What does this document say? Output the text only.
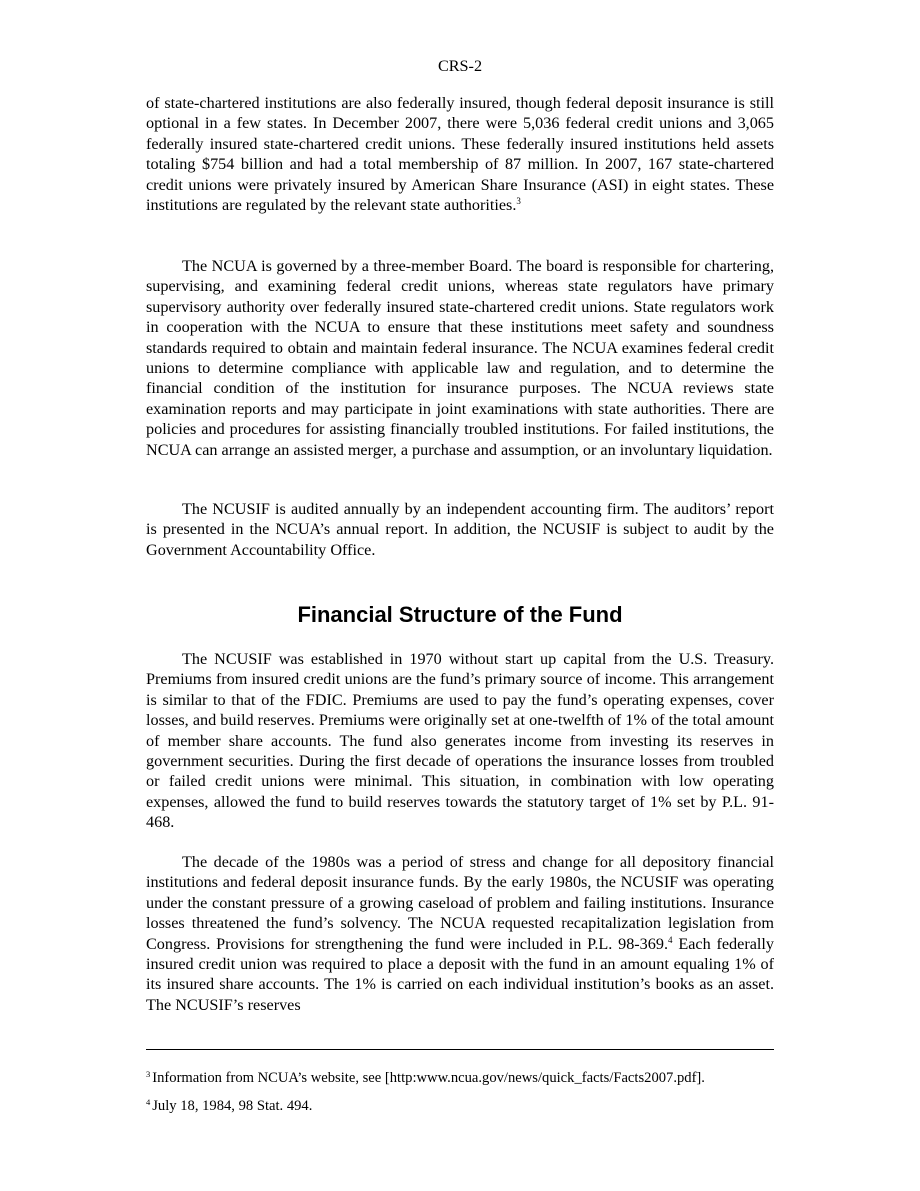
CRS-2

of state-chartered institutions are also federally insured, though federal deposit insurance is still optional in a few states. In December 2007, there were 5,036 federal credit unions and 3,065 federally insured state-chartered credit unions. These federally insured institutions held assets totaling $754 billion and had a total membership of 87 million. In 2007, 167 state-chartered credit unions were privately insured by American Share Insurance (ASI) in eight states. These institutions are regulated by the relevant state authorities.$^3$

The NCUA is governed by a three-member Board. The board is responsible for chartering, supervising, and examining federal credit unions, whereas state regulators have primary supervisory authority over federally insured state-chartered credit unions. State regulators work in cooperation with the NCUA to ensure that these institutions meet safety and soundness standards required to obtain and maintain federal insurance. The NCUA examines federal credit unions to determine compliance with applicable law and regulation, and to determine the financial condition of the institution for insurance purposes. The NCUA reviews state examination reports and may participate in joint examinations with state authorities. There are policies and procedures for assisting financially troubled institutions. For failed institutions, the NCUA can arrange an assisted merger, a purchase and assumption, or an involuntary liquidation.

The NCUSIF is audited annually by an independent accounting firm. The auditors’ report is presented in the NCUA’s annual report. In addition, the NCUSIF is subject to audit by the Government Accountability Office.

Financial Structure of the Fund

The NCUSIF was established in 1970 without start up capital from the U.S. Treasury. Premiums from insured credit unions are the fund’s primary source of income. This arrangement is similar to that of the FDIC. Premiums are used to pay the fund’s operating expenses, cover losses, and build reserves. Premiums were originally set at one-twelfth of 1% of the total amount of member share accounts. The fund also generates income from investing its reserves in government securities. During the first decade of operations the insurance losses from troubled or failed credit unions were minimal. This situation, in combination with low operating expenses, allowed the fund to build reserves towards the statutory target of 1% set by P.L. 91-468.

The decade of the 1980s was a period of stress and change for all depository financial institutions and federal deposit insurance funds. By the early 1980s, the NCUSIF was operating under the constant pressure of a growing caseload of problem and failing institutions. Insurance losses threatened the fund’s solvency. The NCUA requested recapitalization legislation from Congress. Provisions for strengthening the fund were included in P.L. 98-369.$^4$ Each federally insured credit union was required to place a deposit with the fund in an amount equaling 1% of its insured share accounts. The 1% is carried on each individual institution’s books as an asset. The NCUSIF’s reserves

$^3$ Information from NCUA’s website, see [http:www.ncua.gov/news/quick_facts/Facts2007.pdf].
$^4$ July 18, 1984, 98 Stat. 494.
